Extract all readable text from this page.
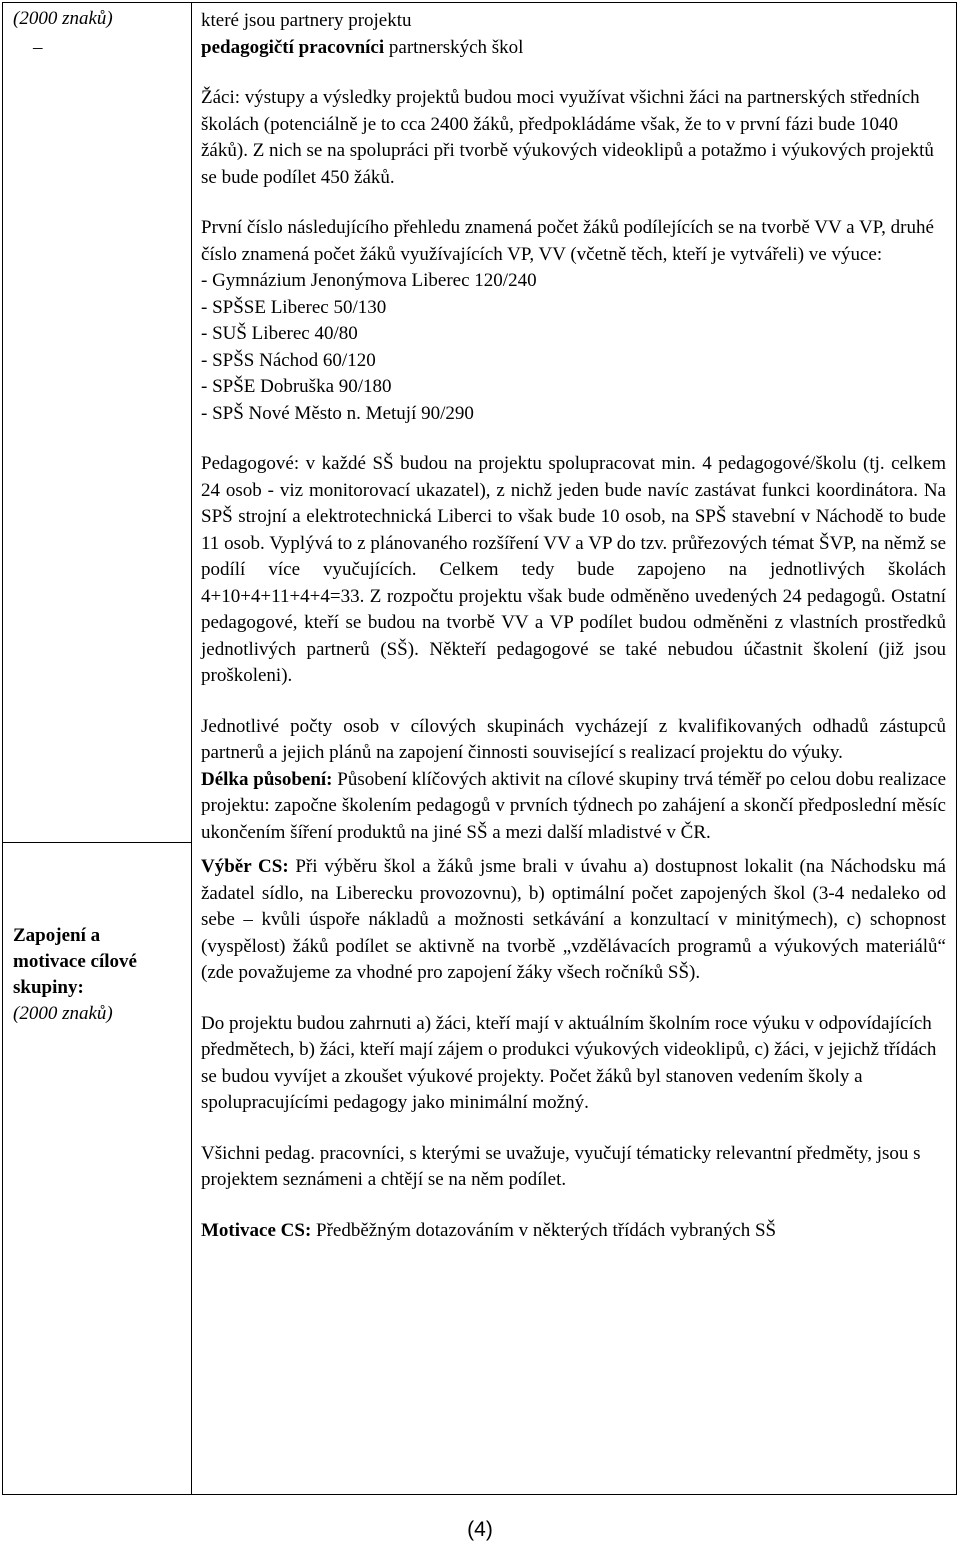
(2000 znaků)
Zapojení a
motivace cílové
skupiny:
(2000 znaků)

které jsou partnery projektu

–	pedagogičtí pracovníci partnerských škol

Žáci: výstupy a výsledky projektů budou moci využívat všichni žáci na partnerských středních školách (potenciálně je to cca 2400 žáků, předpokládáme však, že to v první fázi bude 1040 žáků). Z nich se na spolupráci při tvorbě výukových videoklipů a potažmo i výukových projektů se bude podílet 450 žáků.

První číslo následujícího přehledu znamená počet žáků podílejících se na tvorbě VV a VP, druhé číslo znamená počet žáků využívajících VP, VV (včetně těch, kteří je vytvářeli) ve výuce:

- Gymnázium Jenonýmova Liberec 120/240

- SPŠSE Liberec 50/130

- SUŠ Liberec 40/80

- SPŠS Náchod 60/120

- SPŠE Dobruška 90/180

- SPŠ Nové Město n. Metují 90/290

Pedagogové: v každé SŠ budou na projektu spolupracovat min. 4 pedagogové/školu (tj. celkem 24 osob - viz monitorovací ukazatel), z nichž jeden bude navíc zastávat funkci koordinátora. Na SPŠ strojní a elektrotechnická Liberci to však bude 10 osob, na SPŠ stavební v Náchodě to bude 11 osob. Vyplývá to z plánovaného rozšíření VV a VP do tzv. průřezových témat ŠVP, na němž se podílí více vyučujících. Celkem tedy bude zapojeno na jednotlivých školách 4+10+4+11+4+4=33. Z rozpočtu projektu však bude odměněno uvedených 24 pedagogů. Ostatní pedagogové, kteří se budou na tvorbě VV a VP podílet budou odměněni z vlastních prostředků jednotlivých partnerů (SŠ). Někteří pedagogové se také nebudou účastnit školení (již jsou proškoleni).

Jednotlivé počty osob v cílových skupinách vycházejí z kvalifikovaných odhadů zástupců partnerů a jejich plánů na zapojení činnosti související s realizací projektu do výuky.

Délka působení: Působení klíčových aktivit na cílové skupiny trvá téměř po celou dobu realizace projektu: započne školením pedagogů v prvních týdnech po zahájení a skončí předposlední měsíc ukončením šíření produktů na jiné SŠ a mezi další mladistvé v ČR.

Výběr CS: Při výběru škol a žáků jsme brali v úvahu a) dostupnost lokalit (na Náchodsku má žadatel sídlo, na Liberecku provozovnu), b) optimální počet zapojených škol (3-4 nedaleko od sebe – kvůli úspoře nákladů a možnosti setkávání a konzultací v minitýmech), c) schopnost (vyspělost) žáků podílet se aktivně na tvorbě „vzdělávacích programů a výukových materiálů“ (zde považujeme za vhodné pro zapojení žáky všech ročníků SŠ).

Do projektu budou zahrnuti a) žáci, kteří mají v aktuálním školním roce výuku v odpovídajících předmětech, b) žáci, kteří mají zájem o produkci výukových videoklipů, c) žáci, v jejichž třídách se budou vyvíjet a zkoušet výukové projekty. Počet žáků byl stanoven vedením školy a spolupracujícími pedagogy jako minimální možný.

Všichni pedag. pracovníci, s kterými se uvažuje, vyučují tématicky relevantní předměty, jsou s projektem seznámeni a chtějí se na něm podílet.

Motivace CS: Předběžným dotazováním v některých třídách vybraných SŠ

(4)
